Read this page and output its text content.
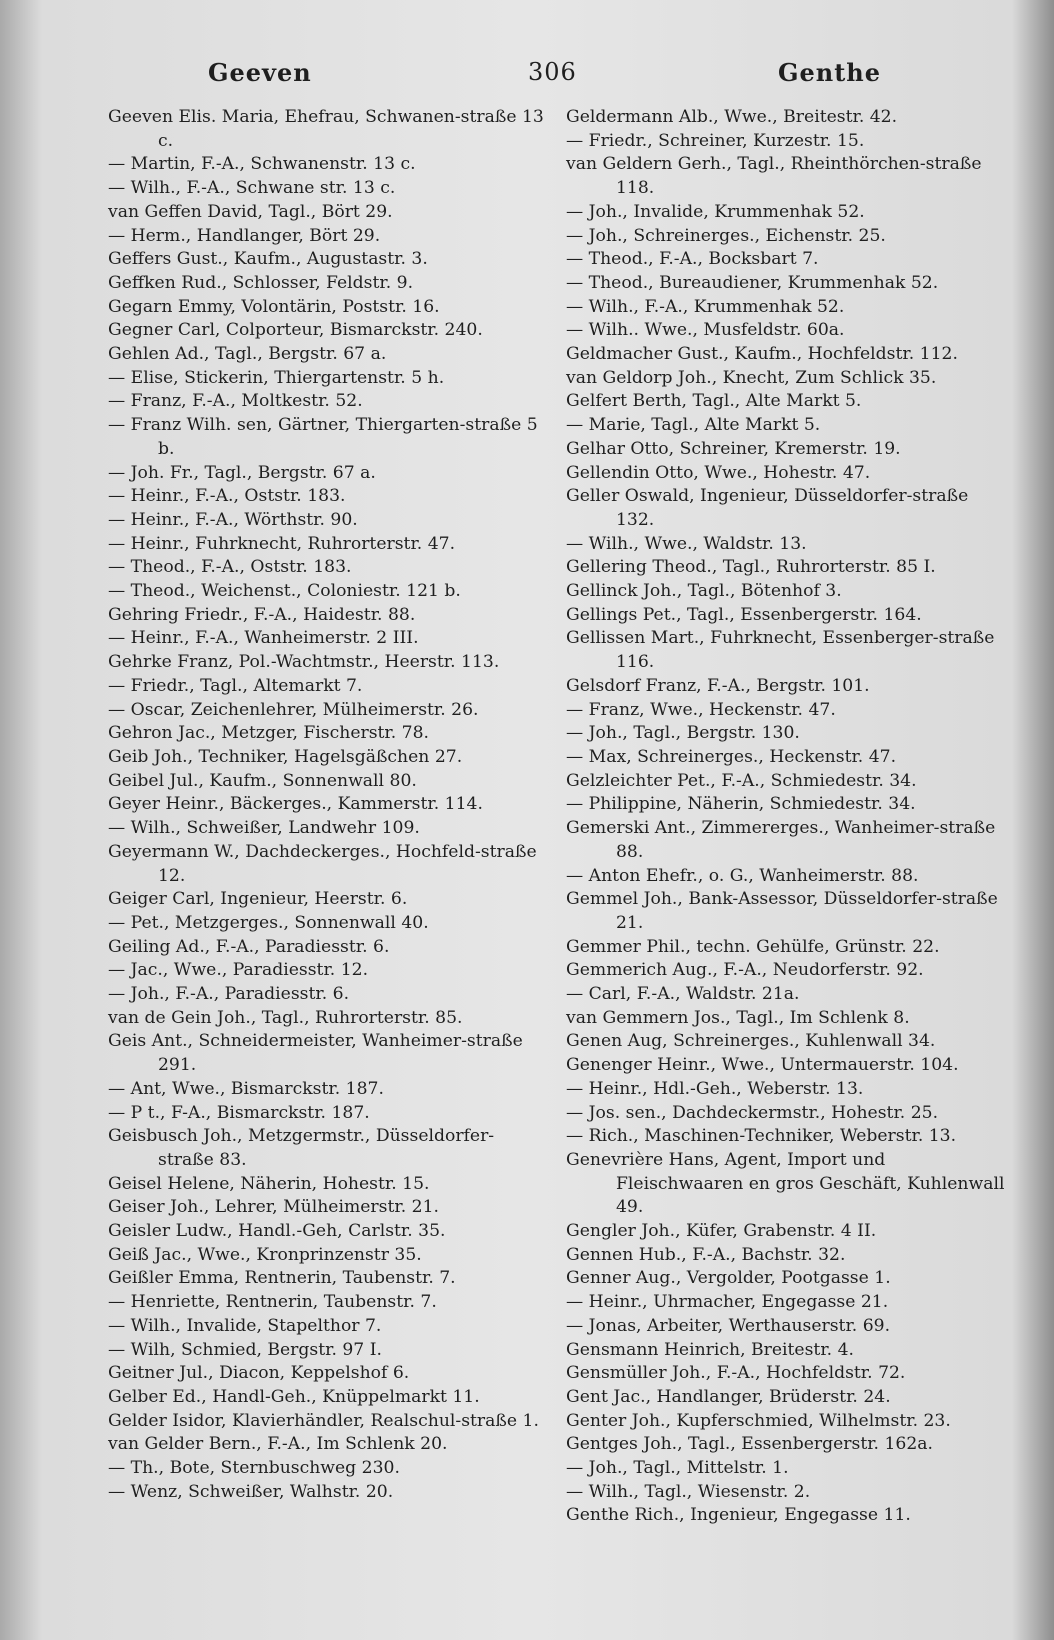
Geeven	306	Genthe
Geeven Elis. Maria, Ehefrau, Schwanen-straße 13 c.
— Martin, F.-A., Schwanenstr. 13 c.
— Wilh., F.-A., Schwane str. 13 c.
van Geffen David, Tagl., Bört 29.
— Herm., Handlanger, Bört 29.
Geffers Gust., Kaufm., Augustastr. 3.
Geffken Rud., Schlosser, Feldstr. 9.
Gegarn Emmy, Volontärin, Poststr. 16.
Gegner Carl, Colporteur, Bismarckstr. 240.
Gehlen Ad., Tagl., Bergstr. 67 a.
— Elise, Stickerin, Thiergartenstr. 5 h.
— Franz, F.-A., Moltkestr. 52.
— Franz Wilh. sen, Gärtner, Thiergarten-straße 5 b.
— Joh. Fr., Tagl., Bergstr. 67 a.
— Heinr., F.-A., Oststr. 183.
— Heinr., F.-A., Wörthstr. 90.
— Heinr., Fuhrknecht, Ruhrorterstr. 47.
— Theod., F.-A., Oststr. 183.
— Theod., Weichenst., Coloniestr. 121 b.
Gehring Friedr., F.-A., Haidestr. 88.
— Heinr., F.-A., Wanheimerstr. 2 III.
Gehrke Franz, Pol.-Wachtmstr., Heerstr. 113.
— Friedr., Tagl., Altemarkt 7.
— Oscar, Zeichenlehrer, Mülheimerstr. 26.
Gehron Jac., Metzger, Fischerstr. 78.
Geib Joh., Techniker, Hagelsgäßchen 27.
Geibel Jul., Kaufm., Sonnenwall 80.
Geyer Heinr., Bäckerges., Kammerstr. 114.
— Wilh., Schweißer, Landwehr 109.
Geyermann W., Dachdeckerges., Hochfeld-straße 12.
Geiger Carl, Ingenieur, Heerstr. 6.
— Pet., Metzgerges., Sonnenwall 40.
Geiling Ad., F.-A., Paradiesstr. 6.
— Jac., Wwe., Paradiesstr. 12.
— Joh., F.-A., Paradiesstr. 6.
van de Gein Joh., Tagl., Ruhrorterstr. 85.
Geis Ant., Schneidermeister, Wanheimer-straße 291.
— Ant, Wwe., Bismarckstr. 187.
— P t., F-A., Bismarckstr. 187.
Geisbusch Joh., Metzgermstr., Düsseldorfer-straße 83.
Geisel Helene, Näherin, Hohestr. 15.
Geiser Joh., Lehrer, Mülheimerstr. 21.
Geisler Ludw., Handl.-Geh, Carlstr. 35.
Geiß Jac., Wwe., Kronprinzenstr 35.
Geißler Emma, Rentnerin, Taubenstr. 7.
— Henriette, Rentnerin, Taubenstr. 7.
— Wilh., Invalide, Stapelthor 7.
— Wilh, Schmied, Bergstr. 97 I.
Geitner Jul., Diacon, Keppelshof 6.
Gelber Ed., Handl-Geh., Knüppelmarkt 11.
Gelder Isidor, Klavierhändler, Realschul-straße 1.
van Gelder Bern., F.-A., Im Schlenk 20.
— Th., Bote, Sternbuschweg 230.
— Wenz, Schweißer, Walhstr. 20.
Geldermann Alb., Wwe., Breitestr. 42.
— Friedr., Schreiner, Kurzestr. 15.
van Geldern Gerh., Tagl., Rheinthörchen-straße 118.
— Joh., Invalide, Krummenhak 52.
— Joh., Schreinerges., Eichenstr. 25.
— Theod., F.-A., Bocksbart 7.
— Theod., Bureaudiener, Krummenhak 52.
— Wilh., F.-A., Krummenhak 52.
— Wilh.. Wwe., Musfeldstr. 60a.
Geldmacher Gust., Kaufm., Hochfeldstr. 112.
van Geldorp Joh., Knecht, Zum Schlick 35.
Gelfert Berth, Tagl., Alte Markt 5.
— Marie, Tagl., Alte Markt 5.
Gelhar Otto, Schreiner, Kremerstr. 19.
Gellendin Otto, Wwe., Hohestr. 47.
Geller Oswald, Ingenieur, Düsseldorfer-straße 132.
— Wilh., Wwe., Waldstr. 13.
Gellering Theod., Tagl., Ruhrorterstr. 85 I.
Gellinck Joh., Tagl., Bötenhof 3.
Gellings Pet., Tagl., Essenbergerstr. 164.
Gellissen Mart., Fuhrknecht, Essenberger-straße 116.
Gelsdorf Franz, F.-A., Bergstr. 101.
— Franz, Wwe., Heckenstr. 47.
— Joh., Tagl., Bergstr. 130.
— Max, Schreinerges., Heckenstr. 47.
Gelzleichter Pet., F.-A., Schmiedestr. 34.
— Philippine, Näherin, Schmiedestr. 34.
Gemerski Ant., Zimmererges., Wanheimer-straße 88.
— Anton Ehefr., o. G., Wanheimerstr. 88.
Gemmel Joh., Bank-Assessor, Düsseldorfer-straße 21.
Gemmer Phil., techn. Gehülfe, Grünstr. 22.
Gemmerich Aug., F.-A., Neudorferstr. 92.
— Carl, F.-A., Waldstr. 21a.
van Gemmern Jos., Tagl., Im Schlenk 8.
Genen Aug, Schreinerges., Kuhlenwall 34.
Genenger Heinr., Wwe., Untermauerstr. 104.
— Heinr., Hdl.-Geh., Weberstr. 13.
— Jos. sen., Dachdeckermstr., Hohestr. 25.
— Rich., Maschinen-Techniker, Weberstr. 13.
Genevrière Hans, Agent, Import und Fleischwaaren en gros Geschäft, Kuhlenwall 49.
Gengler Joh., Küfer, Grabenstr. 4 II.
Gennen Hub., F.-A., Bachstr. 32.
Genner Aug., Vergolder, Pootgasse 1.
— Heinr., Uhrmacher, Engegasse 21.
— Jonas, Arbeiter, Werthauserstr. 69.
Gensmann Heinrich, Breitestr. 4.
Gensmüller Joh., F.-A., Hochfeldstr. 72.
Gent Jac., Handlanger, Brüderstr. 24.
Genter Joh., Kupferschmied, Wilhelmstr. 23.
Gentges Joh., Tagl., Essenbergerstr. 162a.
— Joh., Tagl., Mittelstr. 1.
— Wilh., Tagl., Wiesenstr. 2.
Genthe Rich., Ingenieur, Engegasse 11.
